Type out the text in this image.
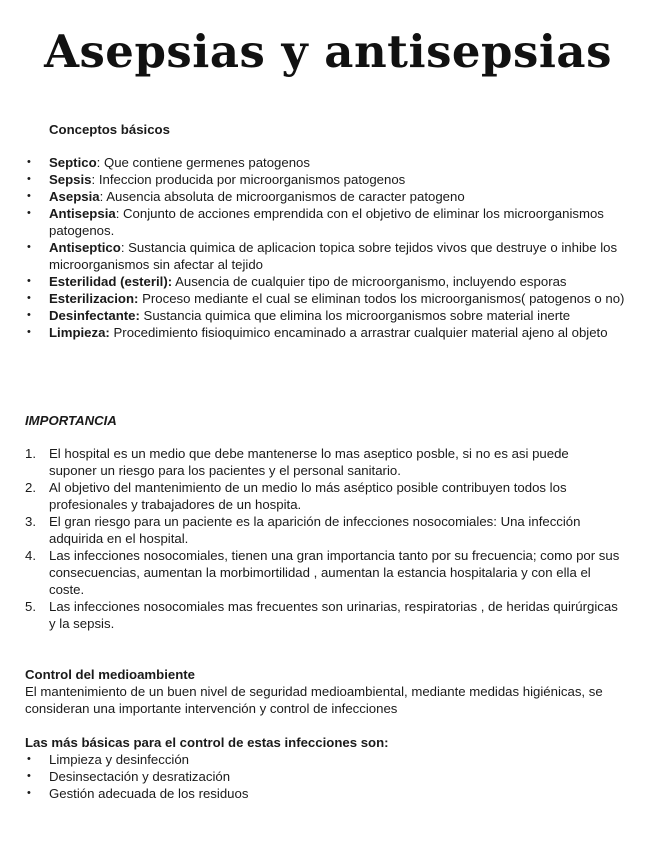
Asepsias y antisepsias
Conceptos básicos
• Septico: Que contiene germenes patogenos
• Sepsis: Infeccion producida por microorganismos patogenos
• Asepsia: Ausencia absoluta de microorganismos de caracter patogeno
• Antisepsia: Conjunto de acciones emprendida con el objetivo de eliminar los microorganismos patogenos.
• Antiseptico: Sustancia quimica de aplicacion topica sobre tejidos vivos que destruye o inhibe los microorganismos sin afectar al tejido
• Esterilidad (esteril): Ausencia de cualquier tipo de microorganismo, incluyendo esporas
• Esterilizacion: Proceso mediante el cual se eliminan todos los microorganismos( patogenos o no)
• Desinfectante: Sustancia quimica que elimina los microorganismos sobre material inerte
• Limpieza: Procedimiento fisioquimico encaminado a arrastrar cualquier material ajeno al objeto
IMPORTANCIA
1. El hospital es un medio que debe mantenerse lo mas aseptico posble, si no es asi puede suponer un riesgo para los pacientes y el personal sanitario.
2. Al objetivo del mantenimiento de un medio lo más aséptico posible contribuyen todos los profesionales y trabajadores de un hospita.
3. El gran riesgo para un paciente es la aparición de infecciones nosocomiales: Una infección adquirida en el hospital.
4. Las infecciones nosocomiales, tienen una gran importancia tanto por su frecuencia; como por sus consecuencias, aumentan la morbimortilidad , aumentan la estancia hospitalaria y con ella el coste.
5. Las infecciones nosocomiales mas frecuentes son urinarias, respiratorias , de heridas quirúrgicas y la sepsis.
Control del medioambiente
El mantenimiento de un buen nivel de seguridad medioambiental, mediante medidas higiénicas, se consideran una importante intervención y control de infecciones
Las más básicas para el control de estas infecciones son:
• Limpieza y desinfección
• Desinsectación y desratización
• Gestión adecuada de los residuos
